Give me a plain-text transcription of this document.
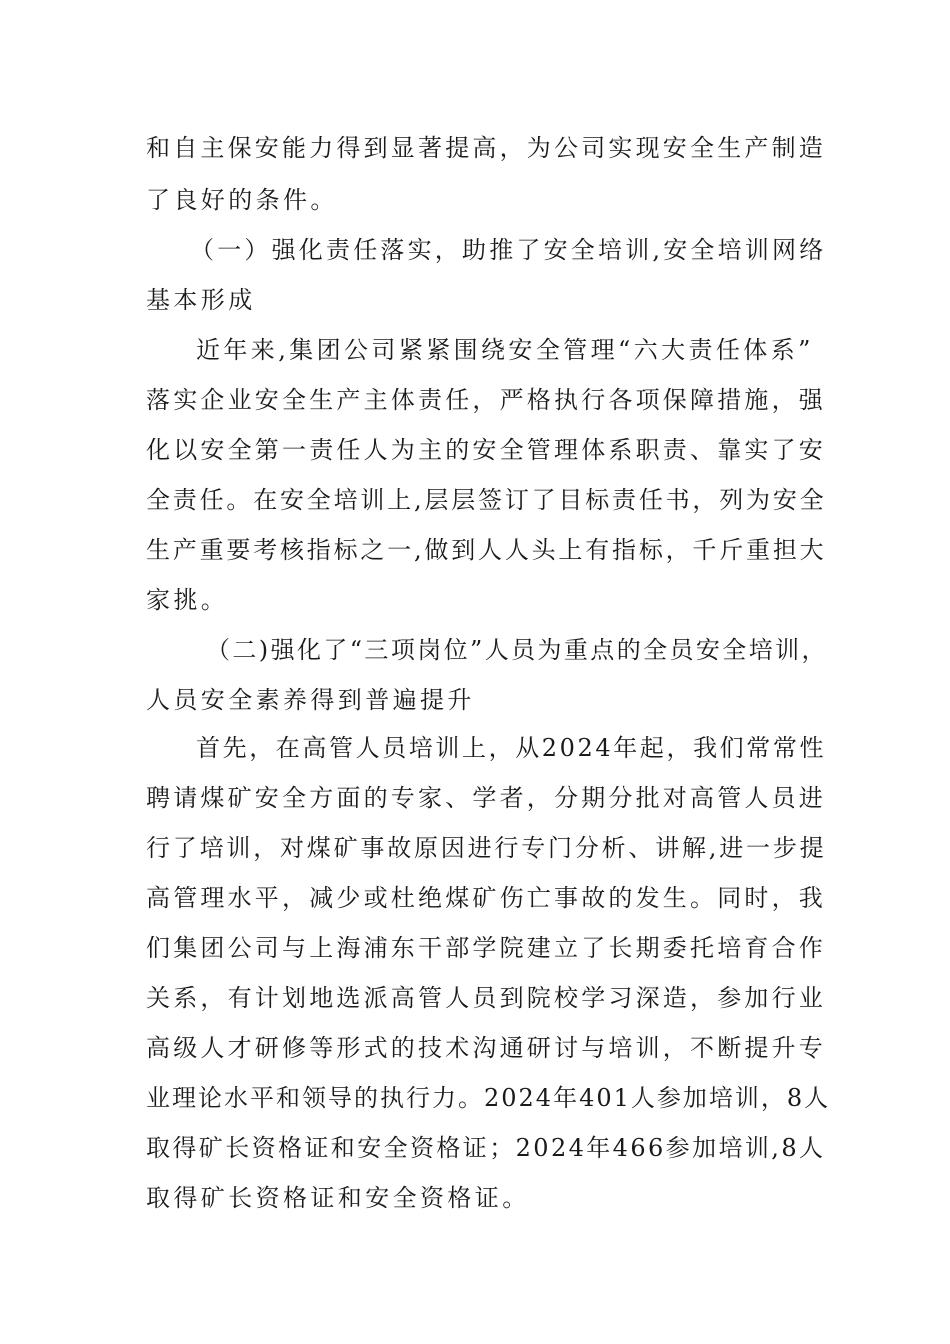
和自主保安能力得到显著提高，为公司实现安全生产制造
了良好的条件。
（一）强化责任落实，助推了安全培训,安全培训网络
基本形成
近年来,集团公司紧紧围绕安全管理“六大责任体系”
落实企业安全生产主体责任，严格执行各项保障措施，强
化以安全第一责任人为主的安全管理体系职责、靠实了安
全责任。在安全培训上,层层签订了目标责任书，列为安全
生产重要考核指标之一,做到人人头上有指标，千斤重担大
家挑。
（二)强化了“三项岗位”人员为重点的全员安全培训，
人员安全素养得到普遍提升
首先，在高管人员培训上，从2024年起，我们常常性
聘请煤矿安全方面的专家、学者，分期分批对高管人员进
行了培训，对煤矿事故原因进行专门分析、讲解,进一步提
高管理水平，减少或杜绝煤矿伤亡事故的发生。同时，我
们集团公司与上海浦东干部学院建立了长期委托培育合作
关系，有计划地选派高管人员到院校学习深造，参加行业
高级人才研修等形式的技术沟通研讨与培训，不断提升专
业理论水平和领导的执行力。2024年401人参加培训，8人
取得矿长资格证和安全资格证；2024年466参加培训,8人
取得矿长资格证和安全资格证。
